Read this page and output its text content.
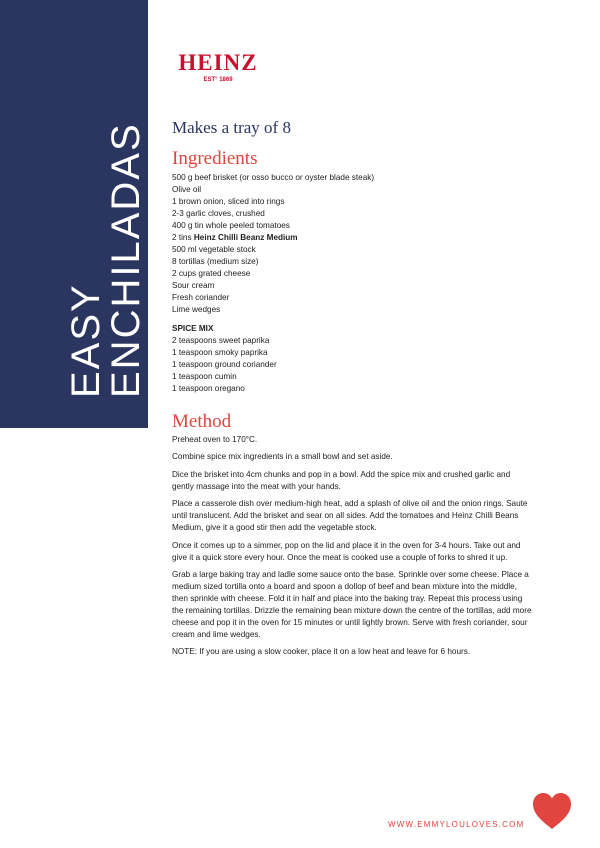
EASY
ENCHILADAS
HEINZ
EST° 1869
Makes a tray of 8
Ingredients
500 g beef brisket (or osso bucco or oyster blade steak)
Olive oil
1 brown onion, sliced into rings
2-3 garlic cloves, crushed
400 g tin whole peeled tomatoes
2 tins Heinz Chilli Beanz Medium
500 ml vegetable stock
8 tortillas (medium size)
2 cups grated cheese
Sour cream
Fresh coriander
Lime wedges
SPICE MIX
2 teaspoons sweet paprika
1 teaspoon smoky paprika
1 teaspoon ground coriander
1 teaspoon cumin
1 teaspoon oregano
Method

Preheat oven to 170°C.

Combine spice mix ingredients in a small bowl and set aside.

Dice the brisket into 4cm chunks and pop in a bowl. Add the spice mix and crushed garlic and gently massage into the meat with your hands.

Place a casserole dish over medium-high heat, add a splash of olive oil and the onion rings. Saute until translucent. Add the brisket and sear on all sides. Add the tomatoes and Heinz Chilli Beans Medium, give it a good stir then add the vegetable stock.

Once it comes up to a simmer, pop on the lid and place it in the oven for 3-4 hours. Take out and give it a quick store every hour. Once the meat is cooked use a couple of forks to shred it up.

Grab a large baking tray and ladle some sauce onto the base. Sprinkle over some cheese. Place a medium sized tortilla onto a board and spoon a dollop of beef and bean mixture into the middle, then sprinkle with cheese. Fold it in half and place into the baking tray. Repeat this process using the remaining tortillas. Drizzle the remaining bean mixture down the centre of the tortillas, add more cheese and pop it in the oven for 15 minutes or until lightly brown. Serve with fresh coriander, sour cream and lime wedges.

NOTE: If you are using a slow cooker, place it on a low heat and leave for 6 hours.

WWW.EMMYLOULOVES.COM
